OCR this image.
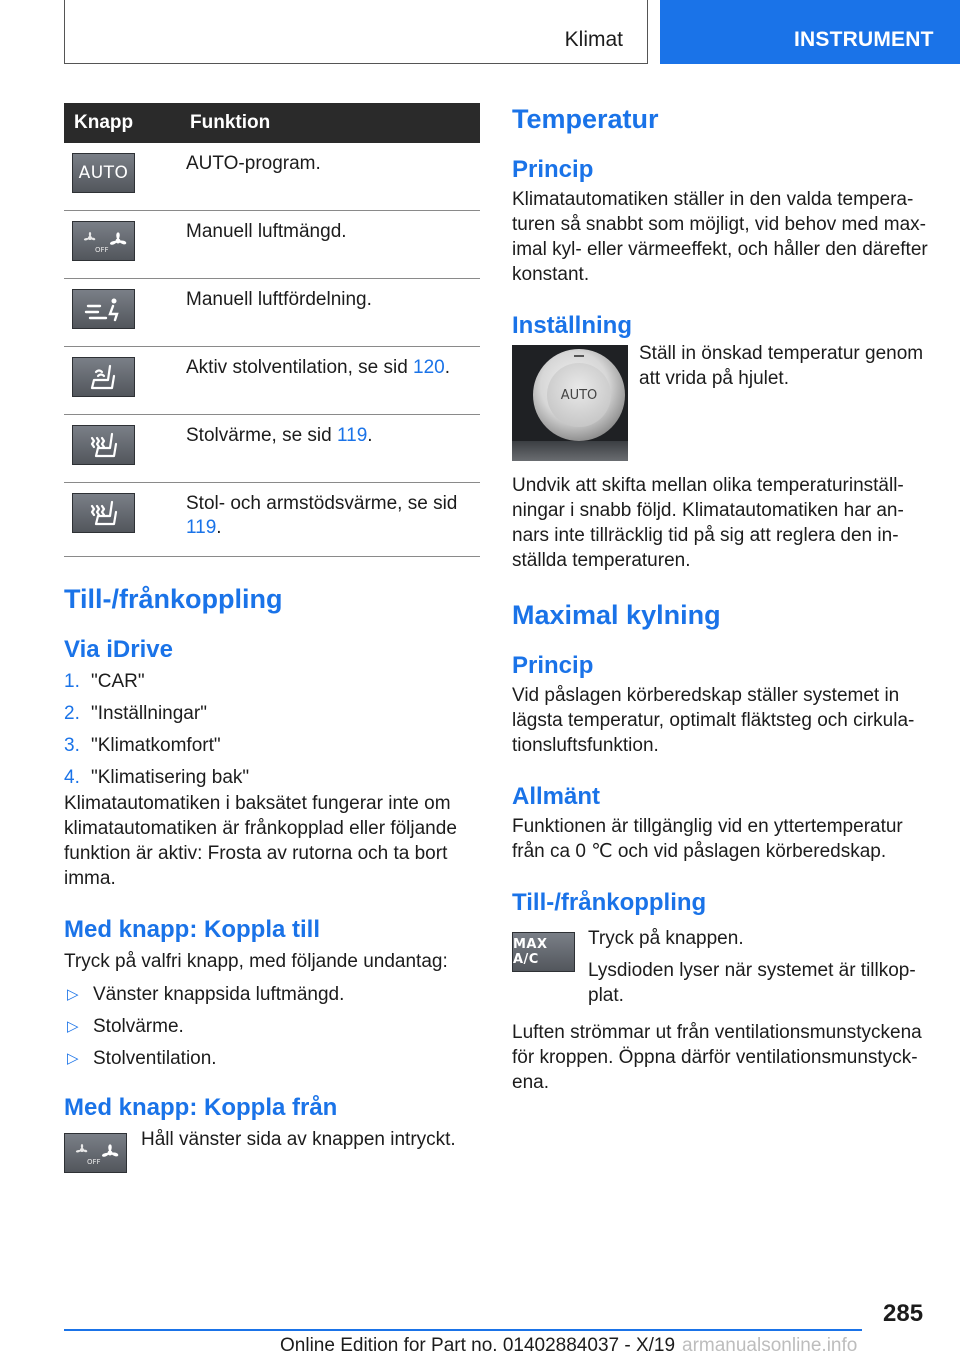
Klimat	INSTRUMENT
Knapp	Funktion

AUTO	AUTO-program.

OFF	Manuell luftmängd.

	Manuell luftfördelning.

	Aktiv stolventilation, se sid 120.

	Stolvärme, se sid 119.

	Stol- och armstödsvärme, se sid 119.
Till-/frånkoppling
Via iDrive
1. "CAR"
2. "Inställningar"
3. "Klimatkomfort"
4. "Klimatisering bak"

Klimatautomatiken i baksätet fungerar inte om klimatautomatiken är frånkopplad eller följande funktion är aktiv: Frosta av rutorna och ta bort imma.

Med knapp: Koppla till

Tryck på valfri knapp, med följande undantag:

▷ Vänster knappsida luftmängd.
▷ Stolvärme.
▷ Stolventilation.
Med knapp: Koppla från
OFF

Håll vänster sida av knappen intryckt.

Temperatur
Princip

Klimatautomatiken ställer in den valda tempera-turen så snabbt som möjligt, vid behov med max-imal kyl- eller värmeeffekt, och håller den därefter konstant.

Inställning
AUTO

Ställ in önskad temperatur genom att vrida på hjulet.

Undvik att skifta mellan olika temperaturinställ-ningar i snabb följd. Klimatautomatiken har an-nars inte tillräcklig tid på sig att reglera den in-ställda temperaturen.

Maximal kylning
Princip

Vid påslagen körberedskap ställer systemet in lägsta temperatur, optimalt fläktsteg och cirkula-tionsluftsfunktion.

Allmänt

Funktionen är tillgänglig vid en yttertemperatur från ca 0 ℃ och vid påslagen körberedskap.

Till-/frånkoppling
MAX A/C

Tryck på knappen.

Lysdioden lyser när systemet är tillkop-plat.

Luften strömmar ut från ventilationsmunstyckena för kroppen. Öppna därför ventilationsmunstyck-ena.

285
Online Edition for Part no. 01402884037 - X/19 armanualsonline.info
